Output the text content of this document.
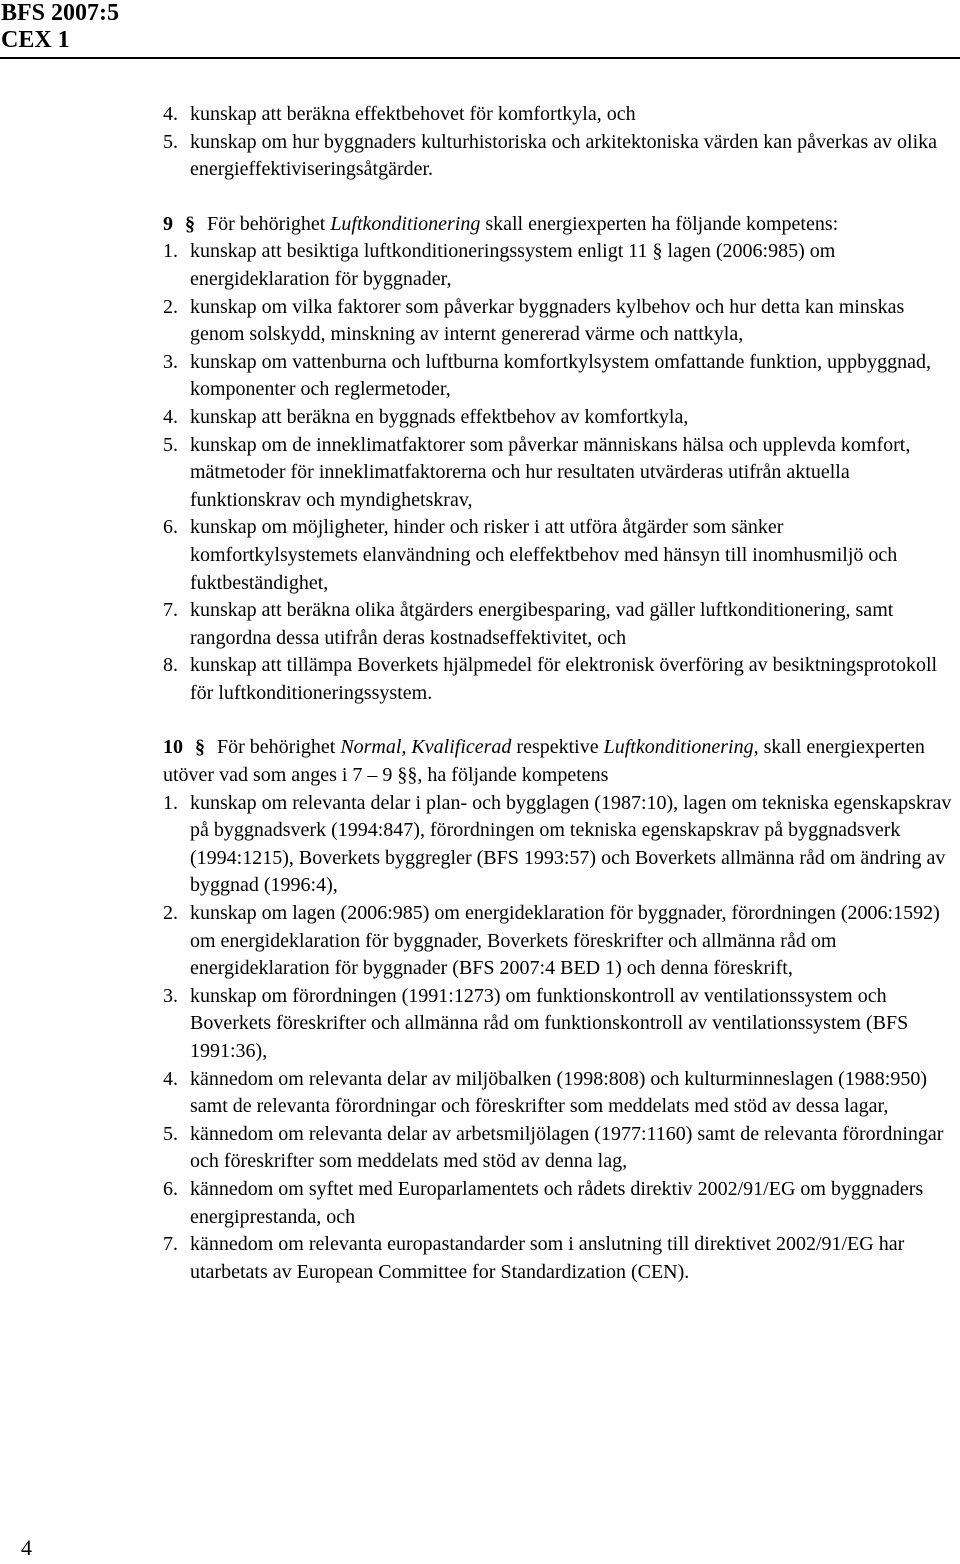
BFS 2007:5
CEX 1
4. kunskap att beräkna effektbehovet för komfortkyla, och
5. kunskap om hur byggnaders kulturhistoriska och arkitektoniska värden kan påverkas av olika energieffektiviseringsåtgärder.
9 § För behörighet Luftkonditionering skall energiexperten ha följande kompetens:
1. kunskap att besiktiga luftkonditioneringssystem enligt 11 § lagen (2006:985) om energideklaration för byggnader,
2. kunskap om vilka faktorer som påverkar byggnaders kylbehov och hur detta kan minskas genom solskydd, minskning av internt genererad värme och nattkyla,
3. kunskap om vattenburna och luftburna komfortkylsystem omfattande funktion, uppbyggnad, komponenter och reglermetoder,
4. kunskap att beräkna en byggnads effektbehov av komfortkyla,
5. kunskap om de inneklimatfaktorer som påverkar människans hälsa och upplevda komfort, mätmetoder för inneklimatfaktorerna och hur resultaten utvärderas utifrån aktuella funktionskrav och myndighetskrav,
6. kunskap om möjligheter, hinder och risker i att utföra åtgärder som sänker komfortkylsystemets elanvändning och eleffektbehov med hänsyn till inomhusmiljö och fuktbeständighet,
7. kunskap att beräkna olika åtgärders energibesparing, vad gäller luftkonditionering, samt rangordna dessa utifrån deras kostnadseffektivitet, och
8. kunskap att tillämpa Boverkets hjälpmedel för elektronisk överföring av besiktningsprotokoll för luftkonditioneringssystem.
10 § För behörighet Normal, Kvalificerad respektive Luftkonditionering, skall energiexperten utöver vad som anges i 7 – 9 §§, ha följande kompetens
1. kunskap om relevanta delar i plan- och bygglagen (1987:10), lagen om tekniska egenskapskrav på byggnadsverk (1994:847), förordningen om tekniska egenskapskrav på byggnadsverk (1994:1215), Boverkets byggregler (BFS 1993:57) och Boverkets allmänna råd om ändring av byggnad (1996:4),
2. kunskap om lagen (2006:985) om energideklaration för byggnader, förordningen (2006:1592) om energideklaration för byggnader, Boverkets föreskrifter och allmänna råd om energideklaration för byggnader (BFS 2007:4 BED 1) och denna föreskrift,
3. kunskap om förordningen (1991:1273) om funktionskontroll av ventilationssystem och Boverkets föreskrifter och allmänna råd om funktionskontroll av ventilationssystem (BFS 1991:36),
4. kännedom om relevanta delar av miljöbalken (1998:808) och kulturminneslagen (1988:950) samt de relevanta förordningar och föreskrifter som meddelats med stöd av dessa lagar,
5. kännedom om relevanta delar av arbetsmiljölagen (1977:1160) samt de relevanta förordningar och föreskrifter som meddelats med stöd av denna lag,
6. kännedom om syftet med Europarlamentets och rådets direktiv 2002/91/EG om byggnaders energiprestanda, och
7. kännedom om relevanta europastandarder som i anslutning till direktivet 2002/91/EG har utarbetats av European Committee for Standardization (CEN).
4
